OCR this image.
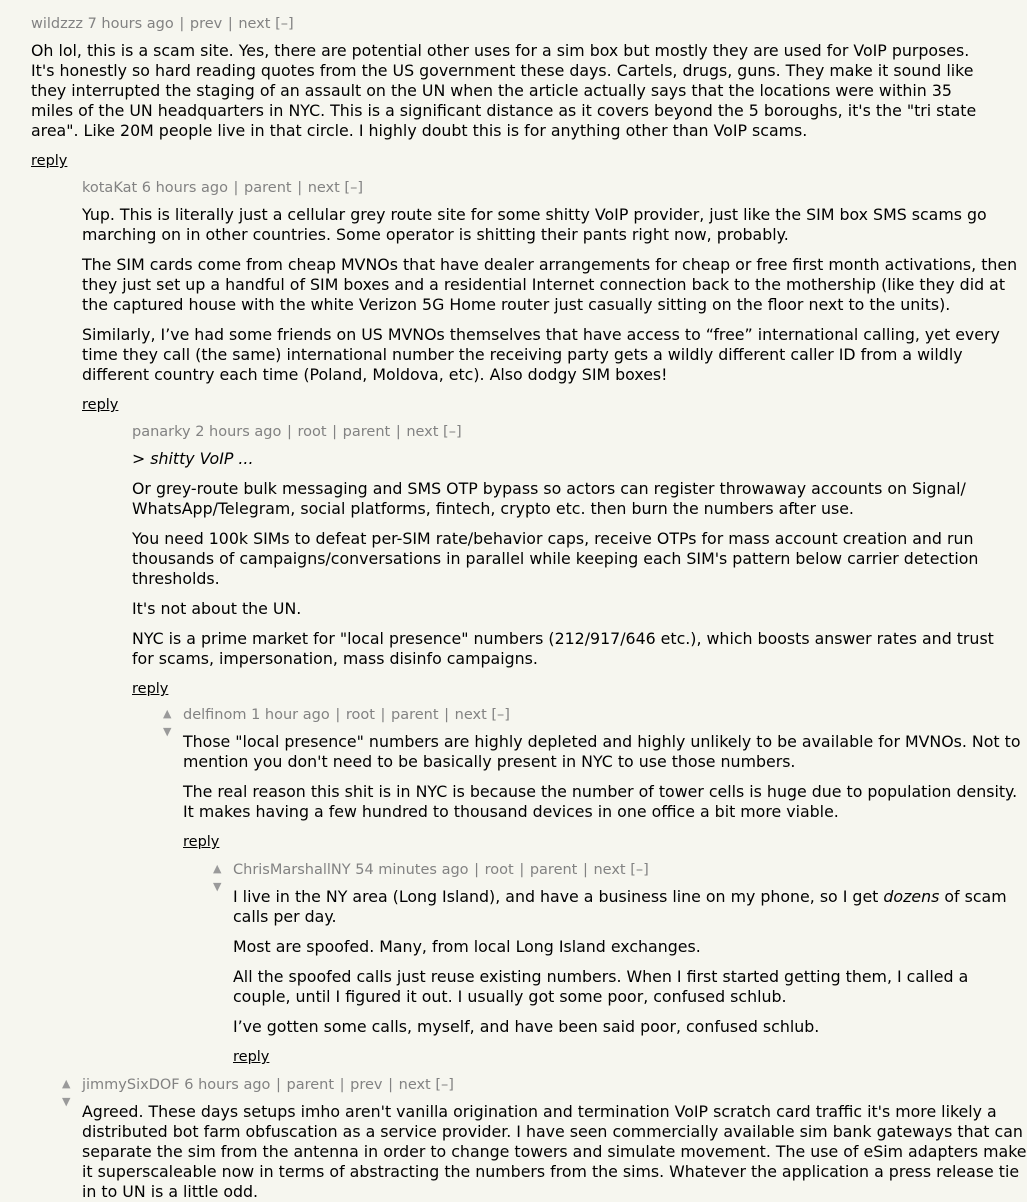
wildzzz 7 hours ago | prev | next [–]

Oh lol, this is a scam site. Yes, there are potential other uses for a sim box but mostly they are used for VoIP purposes.
It's honestly so hard reading quotes from the US government these days. Cartels, drugs, guns. They make it sound like
they interrupted the staging of an assault on the UN when the article actually says that the locations were within 35
miles of the UN headquarters in NYC. This is a significant distance as it covers beyond the 5 boroughs, it's the "tri state
area". Like 20M people live in that circle. I highly doubt this is for anything other than VoIP scams.

reply
kotaKat 6 hours ago | parent | next [–]

Yup. This is literally just a cellular grey route site for some shitty VoIP provider, just like the SIM box SMS scams go
marching on in other countries. Some operator is shitting their pants right now, probably.

The SIM cards come from cheap MVNOs that have dealer arrangements for cheap or free first month activations, then
they just set up a handful of SIM boxes and a residential Internet connection back to the mothership (like they did at
the captured house with the white Verizon 5G Home router just casually sitting on the floor next to the units).

Similarly, I’ve had some friends on US MVNOs themselves that have access to “free” international calling, yet every
time they call (the same) international number the receiving party gets a wildly different caller ID from a wildly
different country each time (Poland, Moldova, etc). Also dodgy SIM boxes!

reply
panarky 2 hours ago | root | parent | next [–]

> shitty VoIP ...

Or grey-route bulk messaging and SMS OTP bypass so actors can register throwaway accounts on Signal/
WhatsApp/Telegram, social platforms, fintech, crypto etc. then burn the numbers after use.

You need 100k SIMs to defeat per-SIM rate/behavior caps, receive OTPs for mass account creation and run
thousands of campaigns/conversations in parallel while keeping each SIM's pattern below carrier detection
thresholds.

It's not about the UN.

NYC is a prime market for "local presence" numbers (212/917/646 etc.), which boosts answer rates and trust
for scams, impersonation, mass disinfo campaigns.

reply
▲
▼
delfinom 1 hour ago | root | parent | next [–]

Those "local presence" numbers are highly depleted and highly unlikely to be available for MVNOs. Not to
mention you don't need to be basically present in NYC to use those numbers.

The real reason this shit is in NYC is because the number of tower cells is huge due to population density.
It makes having a few hundred to thousand devices in one office a bit more viable.

reply
▲
▼
ChrisMarshallNY 54 minutes ago | root | parent | next [–]

I live in the NY area (Long Island), and have a business line on my phone, so I get dozens of scam
calls per day.

Most are spoofed. Many, from local Long Island exchanges.

All the spoofed calls just reuse existing numbers. When I first started getting them, I called a
couple, until I figured it out. I usually got some poor, confused schlub.

I’ve gotten some calls, myself, and have been said poor, confused schlub.

reply
▲
▼
jimmySixDOF 6 hours ago | parent | prev | next [–]

Agreed. These days setups imho aren't vanilla origination and termination VoIP scratch card traffic it's more likely a
distributed bot farm obfuscation as a service provider. I have seen commercially available sim bank gateways that can
separate the sim from the antenna in order to change towers and simulate movement. The use of eSim adapters make
it superscaleable now in terms of abstracting the numbers from the sims. Whatever the application a press release tie
in to UN is a little odd.
